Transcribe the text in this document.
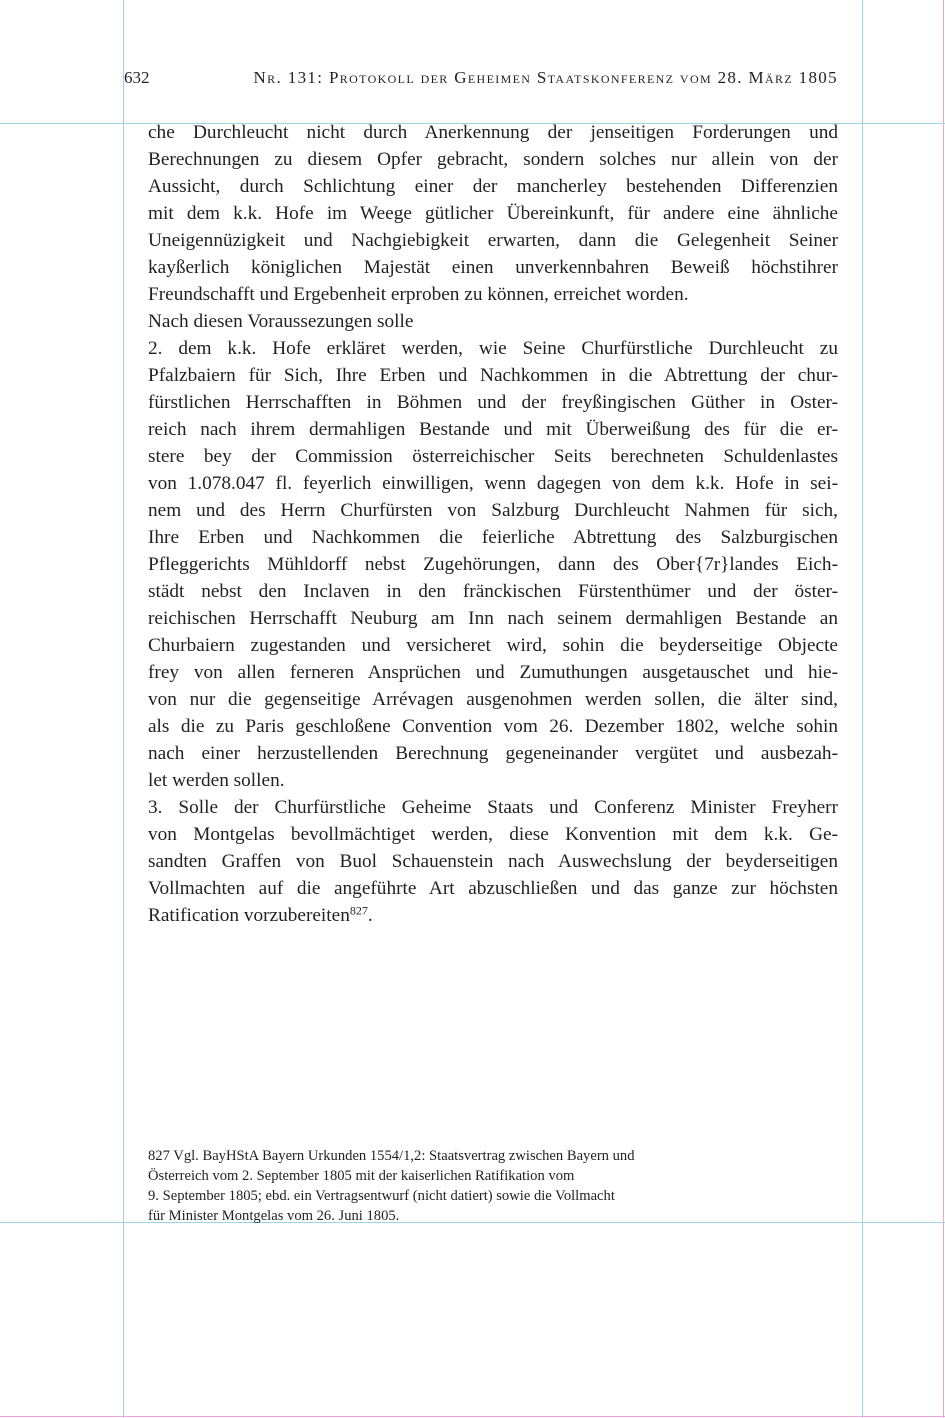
632	Nr. 131: Protokoll der Geheimen Staatskonferenz vom 28. März 1805
che Durchleucht nicht durch Anerkennung der jenseitigen Forderungen und
Berechnungen zu diesem Opfer gebracht, sondern solches nur allein von der
Aussicht, durch Schlichtung einer der mancherley bestehenden Differenzien
mit dem k.k. Hofe im Weege gütlicher Übereinkunft, für andere eine ähnliche
Uneigennüzigkeit und Nachgiebigkeit erwarten, dann die Gelegenheit Seiner
kayßerlich königlichen Majestät einen unverkennbahren Beweiß höchstihrer
Freundschafft und Ergebenheit erproben zu können, erreichet worden.
Nach diesen Voraussezungen solle
2. dem k.k. Hofe erkläret werden, wie Seine Churfürstliche Durchleucht zu
Pfalzbaiern für Sich, Ihre Erben und Nachkommen in die Abtrettung der chur-
fürstlichen Herrschafften in Böhmen und der freyßingischen Güther in Oster-
reich nach ihrem dermahligen Bestande und mit Überweißung des für die er-
stere bey der Commission österreichischer Seits berechneten Schuldenlastes
von 1.078.047 fl. feyerlich einwilligen, wenn dagegen von dem k.k. Hofe in sei-
nem und des Herrn Churfürsten von Salzburg Durchleucht Nahmen für sich,
Ihre Erben und Nachkommen die feierliche Abtrettung des Salzburgischen
Pfleggerichts Mühldorff nebst Zugehörungen, dann des Ober{7r}landes Eich-
städt nebst den Inclaven in den fränckischen Fürstenthümer und der öster-
reichischen Herrschafft Neuburg am Inn nach seinem dermahligen Bestande an
Churbaiern zugestanden und versicheret wird, sohin die beyderseitige Objecte
frey von allen ferneren Ansprüchen und Zumuthungen ausgetauschet und hie-
von nur die gegenseitige Arrévagen ausgenohmen werden sollen, die älter sind,
als die zu Paris geschloßene Convention vom 26. Dezember 1802, welche sohin
nach einer herzustellenden Berechnung gegeneinander vergütet und ausbezah-
let werden sollen.
3. Solle der Churfürstliche Geheime Staats und Conferenz Minister Freyherr
von Montgelas bevollmächtiget werden, diese Konvention mit dem k.k. Ge-
sandten Graffen von Buol Schauenstein nach Auswechslung der beyderseitigen
Vollmachten auf die angeführte Art abzuschließen und das ganze zur höchsten
Ratification vorzubereiten$^{827}$.
827 Vgl. BayHStA Bayern Urkunden 1554/1,2: Staatsvertrag zwischen Bayern und
Österreich vom 2. September 1805 mit der kaiserlichen Ratifikation vom
9. September 1805; ebd. ein Vertragsentwurf (nicht datiert) sowie die Vollmacht
für Minister Montgelas vom 26. Juni 1805.
